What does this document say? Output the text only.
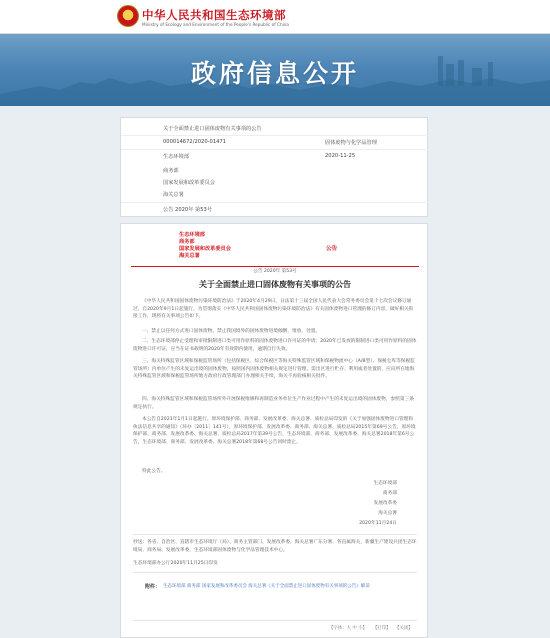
中华人民共和国生态环境部
Ministry of Ecology and Environment of the People's Republic of China
政府信息公开
关于全面禁止进口固体废物有关事项的公告
000014672/2020-01471	固体废物与化学品管理
生态环境部	2020-11-25
商务部
国家发展和改革委员会
海关总署
公告 2020年 第53号
生态环境部
商务部
国家发展和改革委员会
海关总署
公告
公告 2020年 第53号
关于全面禁止进口固体废物有关事项的公告

《中华人民共和国固体废物污染环境防治法》于2020年4月29日，日法第十三届全国人民代表大会常务委员会第十七次会议修订通过，自2020年9月1日起施行。为贯彻落实《中华人民共和国固体废物污染环境防治法》有关固体废物进口管理的修订内容，做好相关衔接工作，现将有关事项公告如下。

一、禁止以任何方式进口固体废物。禁止我国境外的固体废物进境倾倒、堆放、处置。

二、生态环境部停止受理和审批限制进口类可用作原料的固体废物进口许可证的申请；2020年已发放的限制进口类可用作原料的固体废物进口许可证，应当在证书载明的2020年有效期内使用，逾期自行失效。

三、海关特殊监管区域和保税监管场所（包括保税区、综合保税区等海关特殊监管区域和保税物流中心（A/B型）、保税仓库等保税监管场所）内单位产生的未复运出境的固体废物，按照国内固体废物相关规定进行管理。需出区进行贮存、利用或者处置的，应向所在地海关特殊监管区域和保税监管场所地方政府行政管理部门办理相关手续，海关不再验核相关批件。

四、海关特殊监管区域和保税监管场所外开展保税维修和再制造业务单位生产作业过程中产生的未复运出境的固体废物，参照第三条规定执行。

本公告自2021年1月1日起施行。原环境保护部、商务部、发展改革委、海关总署、质检总局印发的《关于加强固体废物进口管理和执法信息共享的通知》（环办〔2011〕141号），原环境保护部、发展改革委、商务部、海关总署、质检总局2015年第69号公告，原环境保护部、商务部、发展改革委、海关总署、质检总局2017年第39号公告，生态环境部、商务部、发展改革委、海关总署2018年第6号公告，生态环境部、商务部、发展改革委、海关总署2018年第68号公告同时废止。

特此公告。

生态环境部
商务部
发展改革委
海关总署
2020年11月24日

抄送：各省、自治区、直辖市生态环境厅（局）、商务主管部门、发展改革委，海关总署广东分署、各直属海关，新疆生产建设兵团生态环境局、商务局、发展改革委，生态环境部固体废物与化学品管理技术中心。

生态环境部办公厅2020年11月25日印发

附件： 生态环境部 商务部 国家发展和改革委员会 海关总署《关于全面禁止进口固体废物有关事项的公告》解读
【字体：大 中 小】 【打印】 【关闭】
